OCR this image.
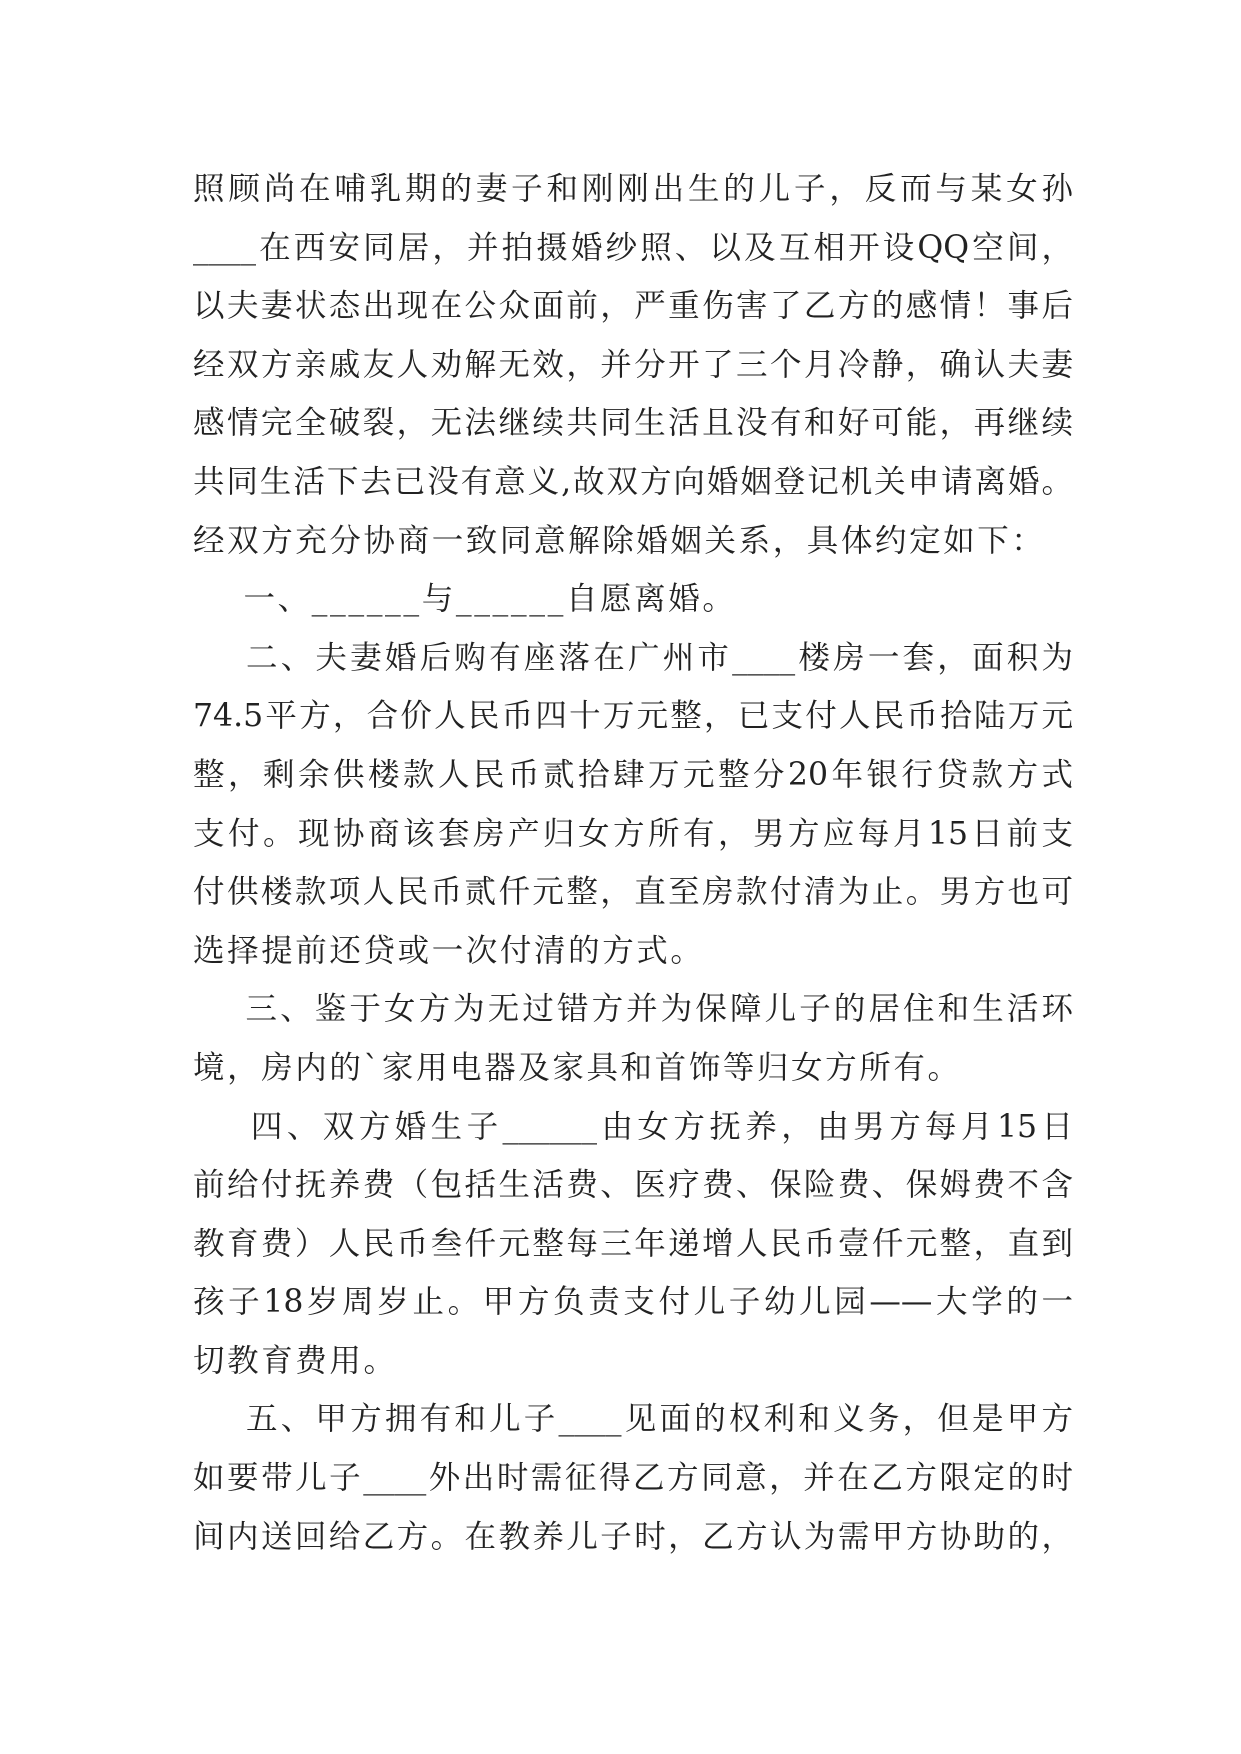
照顾尚在哺乳期的妻子和刚刚出生的儿子，反而与某女孙
____在西安同居，并拍摄婚纱照、以及互相开设QQ空间，
以夫妻状态出现在公众面前，严重伤害了乙方的感情！事后
经双方亲戚友人劝解无效，并分开了三个月冷静，确认夫妻
感情完全破裂，无法继续共同生活且没有和好可能，再继续
共同生活下去已没有意义,故双方向婚姻登记机关申请离婚。
经双方充分协商一致同意解除婚姻关系，具体约定如下：
一、______与______自愿离婚。
二、夫妻婚后购有座落在广州市____楼房一套，面积为
74.5平方，合价人民币四十万元整，已支付人民币拾陆万元
整，剩余供楼款人民币贰拾肆万元整分20年银行贷款方式
支付。现协商该套房产归女方所有，男方应每月15日前支
付供楼款项人民币贰仟元整，直至房款付清为止。男方也可
选择提前还贷或一次付清的方式。
三、鉴于女方为无过错方并为保障儿子的居住和生活环
境，房内的`家用电器及家具和首饰等归女方所有。
四、双方婚生子______由女方抚养，由男方每月15日
前给付抚养费（包括生活费、医疗费、保险费、保姆费不含
教育费）人民币叁仟元整每三年递增人民币壹仟元整，直到
孩子18岁周岁止。甲方负责支付儿子幼儿园——大学的一
切教育费用。
五、甲方拥有和儿子____见面的权利和义务，但是甲方
如要带儿子____外出时需征得乙方同意，并在乙方限定的时
间内送回给乙方。在教养儿子时，乙方认为需甲方协助的，
